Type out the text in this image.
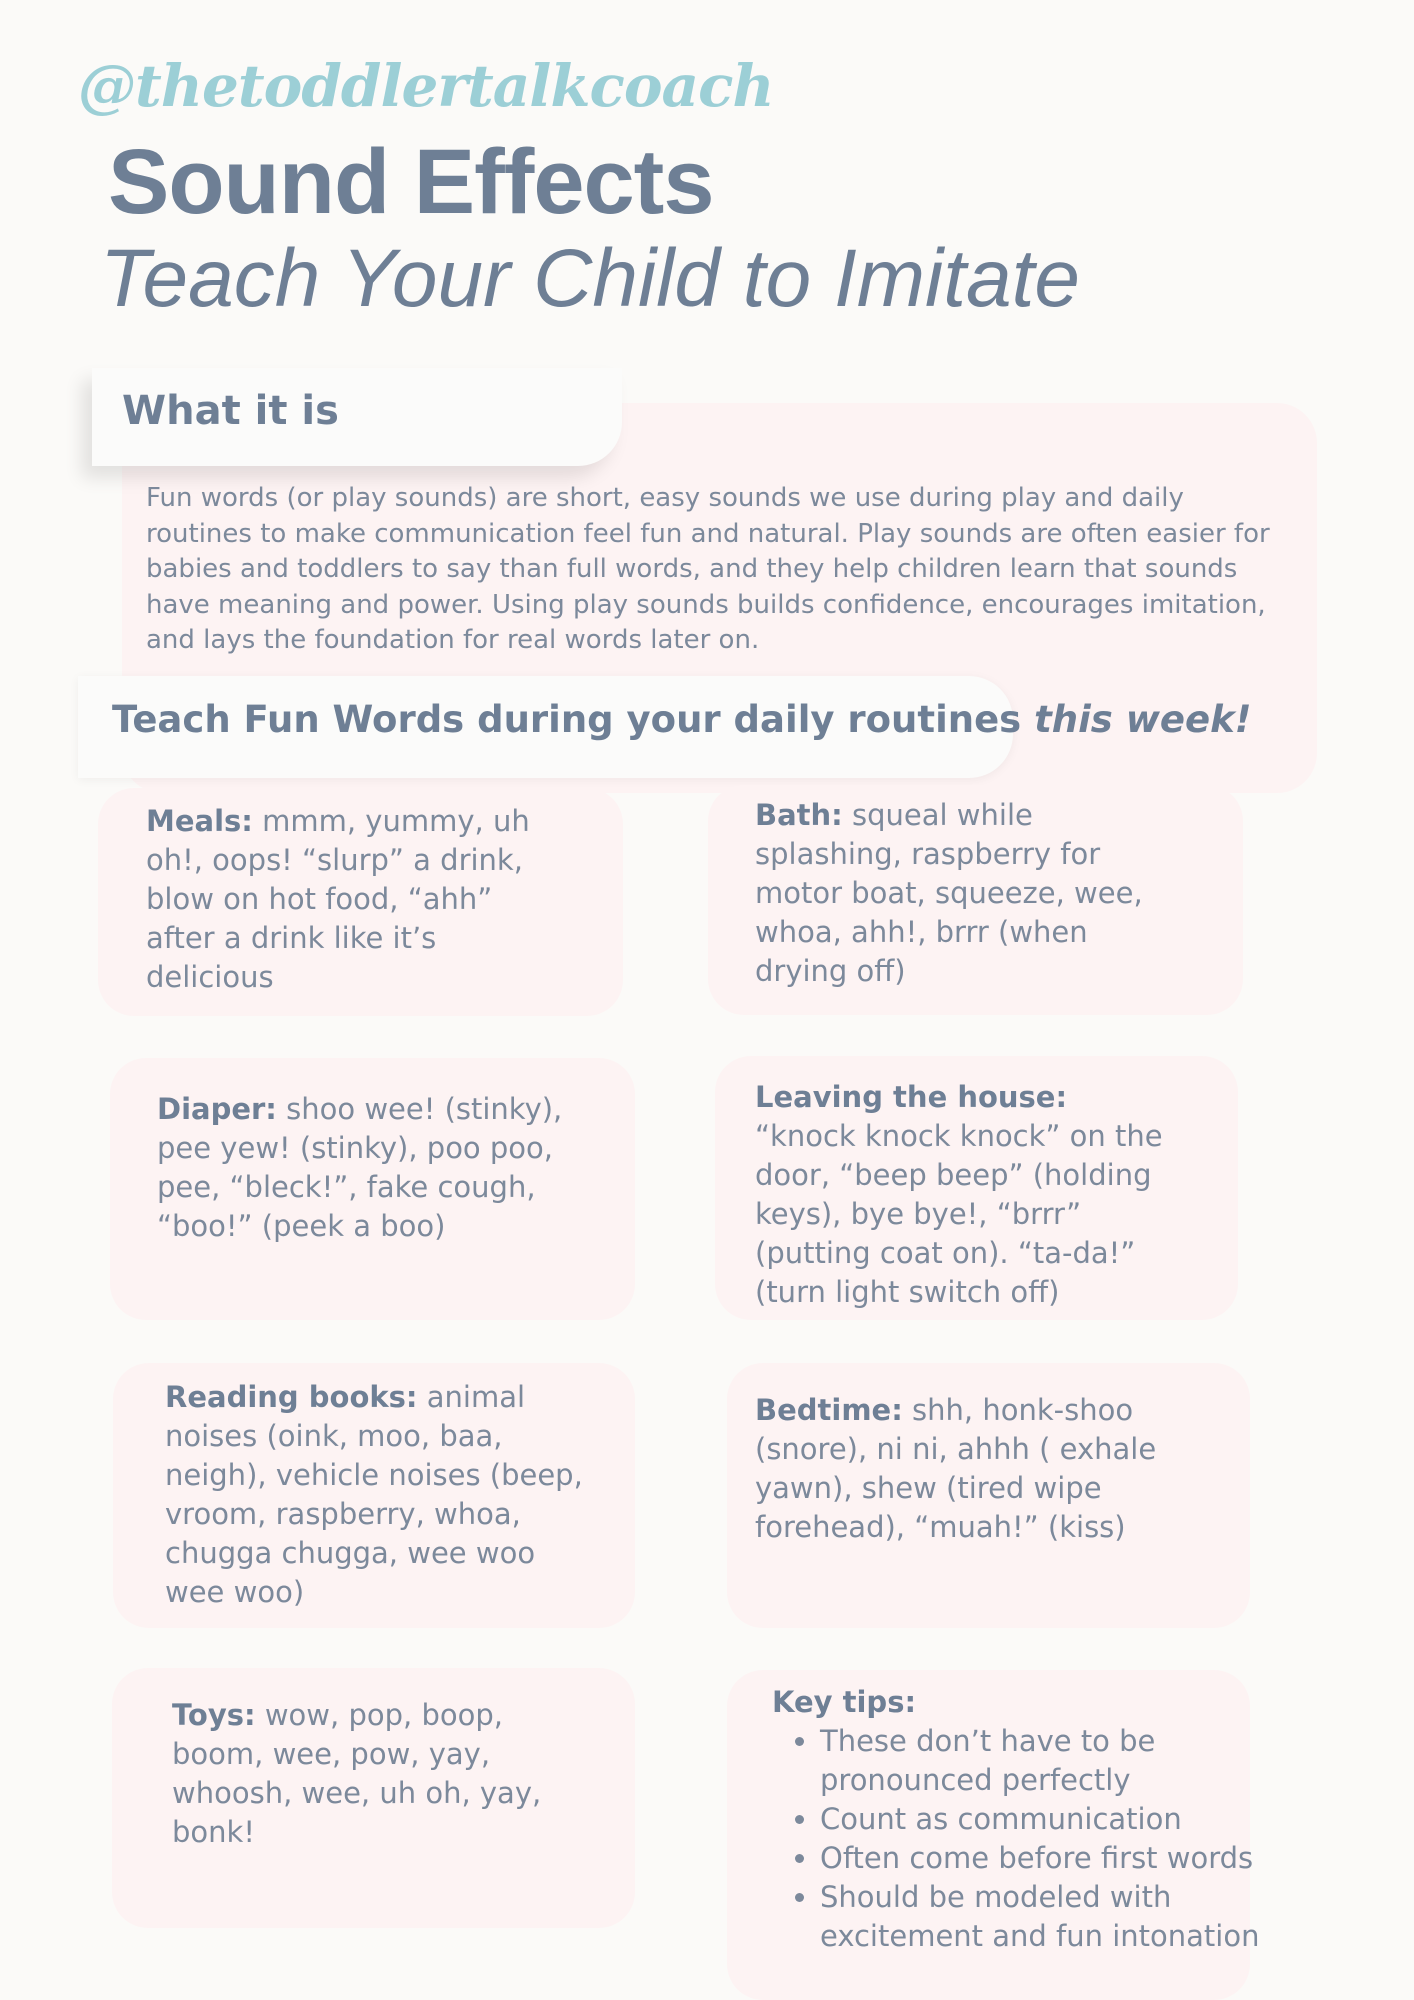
@thetoddlertalkcoach
Sound Effects
Teach Your Child to Imitate
What it is
Fun words (or play sounds) are short, easy sounds we use during play and daily routines to make communication feel fun and natural. Play sounds are often easier for babies and toddlers to say than full words, and they help children learn that sounds have meaning and power. Using play sounds builds confidence, encourages imitation, and lays the foundation for real words later on.
Teach Fun Words during your daily routines this week!
Meals: mmm, yummy, uh oh!, oops! “slurp” a drink, blow on hot food, “ahh” after a drink like it’s delicious
Bath: squeal while splashing, raspberry for motor boat, squeeze, wee, whoa, ahh!, brrr (when drying off)
Diaper: shoo wee! (stinky), pee yew! (stinky), poo poo, pee, “bleck!”, fake cough, “boo!” (peek a boo)
Leaving the house: “knock knock knock” on the door, “beep beep” (holding keys), bye bye!, “brrr” (putting coat on). “ta-da!” (turn light switch off)
Reading books: animal noises (oink, moo, baa, neigh), vehicle noises (beep, vroom, raspberry, whoa, chugga chugga, wee woo wee woo)
Bedtime: shh, honk-shoo (snore), ni ni, ahhh ( exhale yawn), shew (tired wipe forehead), “muah!” (kiss)
Toys: wow, pop, boop, boom, wee, pow, yay, whoosh, wee, uh oh, yay, bonk!
Key tips:
• These don’t have to be pronounced perfectly
• Count as communication
• Often come before first words
• Should be modeled with excitement and fun intonation
